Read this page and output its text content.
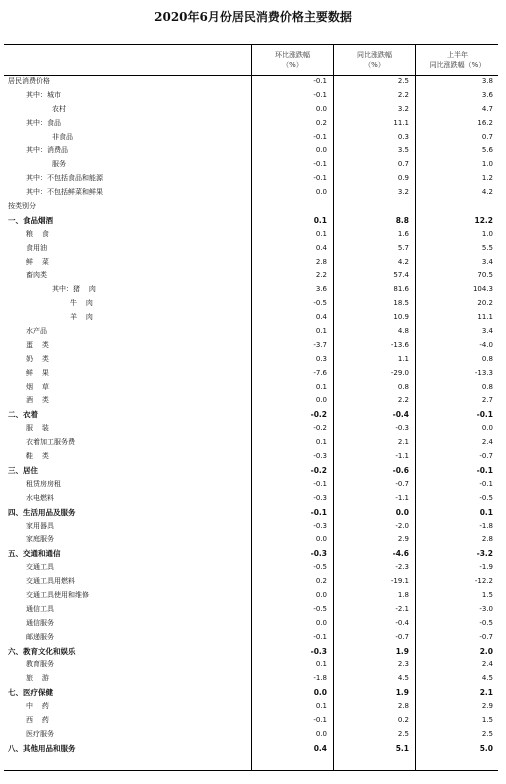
2020年6月份居民消费价格主要数据
环比涨跌幅
（%）
同比涨跌幅
（%）
上半年
同比涨跌幅（%）
居民消费价格	-0.1	2.5	3.8
其中：城市	-0.1	2.2	3.6
农村	0.0	3.2	4.7
其中：食品	0.2	11.1	16.2
非食品	-0.1	0.3	0.7
其中：消费品	0.0	3.5	5.6
服务	-0.1	0.7	1.0
其中：不包括食品和能源	-0.1	0.9	1.2
其中：不包括鲜菜和鲜果	0.0	3.2	4.2
按类别分
一、食品烟酒	0.1	8.8	12.2
粮    食	0.1	1.6	1.0
食用油	0.4	5.7	5.5
鲜    菜	2.8	4.2	3.4
畜肉类	2.2	57.4	70.5
其中：猪    肉	3.6	81.6	104.3
牛    肉	-0.5	18.5	20.2
羊    肉	0.4	10.9	11.1
水产品	0.1	4.8	3.4
蛋    类	-3.7	-13.6	-4.0
奶    类	0.3	1.1	0.8
鲜    果	-7.6	-29.0	-13.3
烟    草	0.1	0.8	0.8
酒    类	0.0	2.2	2.7
二、衣着	-0.2	-0.4	-0.1
服    装	-0.2	-0.3	0.0
衣着加工服务费	0.1	2.1	2.4
鞋    类	-0.3	-1.1	-0.7
三、居住	-0.2	-0.6	-0.1
租赁房房租	-0.1	-0.7	-0.1
水电燃料	-0.3	-1.1	-0.5
四、生活用品及服务	-0.1	0.0	0.1
家用器具	-0.3	-2.0	-1.8
家庭服务	0.0	2.9	2.8
五、交通和通信	-0.3	-4.6	-3.2
交通工具	-0.5	-2.3	-1.9
交通工具用燃料	0.2	-19.1	-12.2
交通工具使用和维修	0.0	1.8	1.5
通信工具	-0.5	-2.1	-3.0
通信服务	0.0	-0.4	-0.5
邮递服务	-0.1	-0.7	-0.7
六、教育文化和娱乐	-0.3	1.9	2.0
教育服务	0.1	2.3	2.4
旅    游	-1.8	4.5	4.5
七、医疗保健	0.0	1.9	2.1
中    药	0.1	2.8	2.9
西    药	-0.1	0.2	1.5
医疗服务	0.0	2.5	2.5
八、其他用品和服务	0.4	5.1	5.0
